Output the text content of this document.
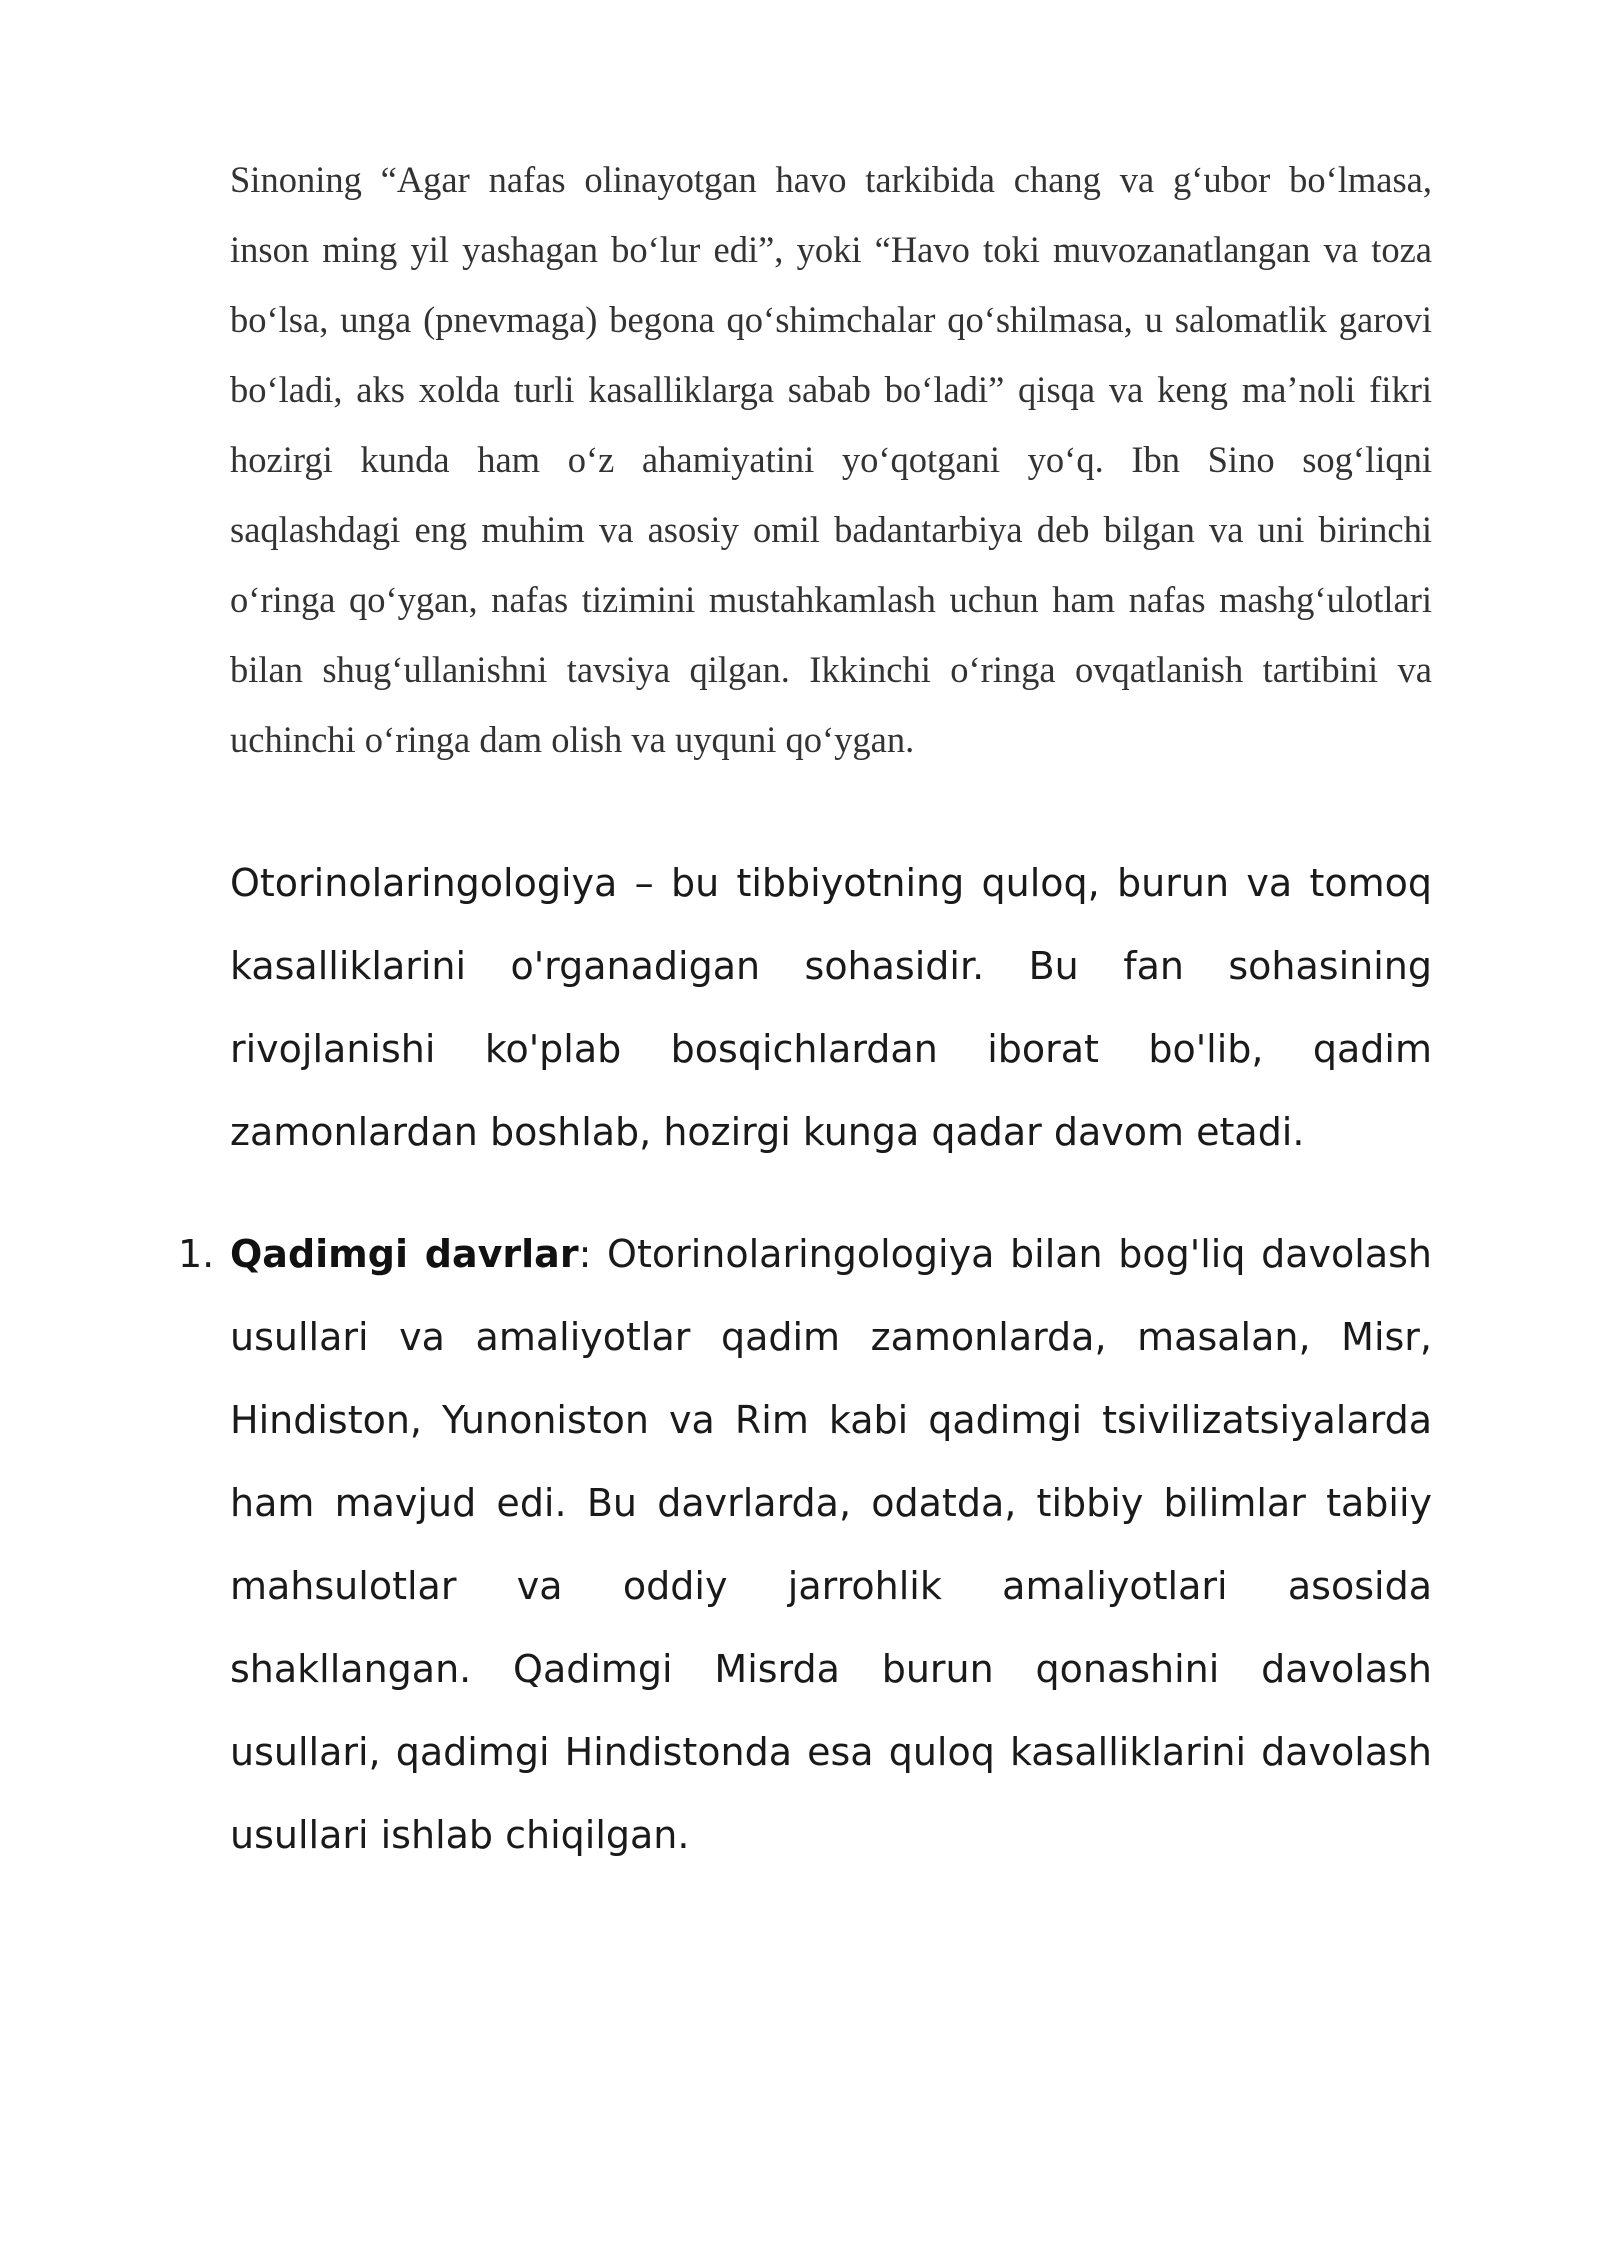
Sinoning “Agar nafas olinayotgan havo tarkibida chang va g‘ubor bo‘lmasa, inson ming yil yashagan bo‘lur edi”, yoki “Havo toki muvozanatlangan va toza bo‘lsa, unga (pnevmaga) begona qo‘shimchalar qo‘shilmasa, u salomatlik garovi bo‘ladi, aks xolda turli kasalliklarga sabab bo‘ladi” qisqa va keng ma’noli fikri hozirgi kunda ham o‘z ahamiyatini yo‘qotgani yo‘q. Ibn Sino sog‘liqni saqlashdagi eng muhim va asosiy omil badantarbiya deb bilgan va uni birinchi o‘ringa qo‘ygan, nafas tizimini mustahkamlash uchun ham nafas mashg‘ulotlari bilan shug‘ullanishni tavsiya qilgan. Ikkinchi o‘ringa ovqatlanish tartibini va uchinchi o‘ringa dam olish va uyquni qo‘ygan.

Otorinolaringologiya – bu tibbiyotning quloq, burun va tomoq kasalliklarini o'rganadigan sohasidir. Bu fan sohasining rivojlanishi ko'plab bosqichlardan iborat bo'lib, qadim zamonlardan boshlab, hozirgi kunga qadar davom etadi.

1. Qadimgi davrlar: Otorinolaringologiya bilan bog'liq davolash usullari va amaliyotlar qadim zamonlarda, masalan, Misr, Hindiston, Yunoniston va Rim kabi qadimgi tsivilizatsiyalarda ham mavjud edi. Bu davrlarda, odatda, tibbiy bilimlar tabiiy mahsulotlar va oddiy jarrohlik amaliyotlari asosida shakllangan. Qadimgi Misrda burun qonashini davolash usullari, qadimgi Hindistonda esa quloq kasalliklarini davolash usullari ishlab chiqilgan.
